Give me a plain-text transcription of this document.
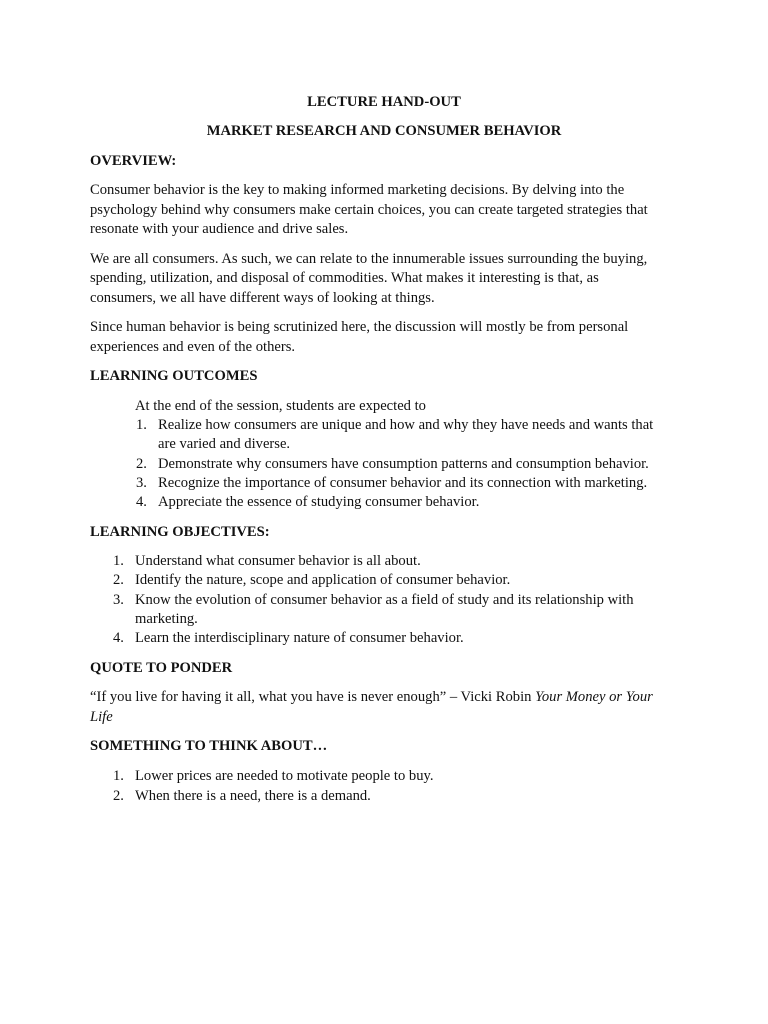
LECTURE HAND-OUT

MARKET RESEARCH AND CONSUMER BEHAVIOR

OVERVIEW:

Consumer behavior is the key to making informed marketing decisions. By delving into the

psychology behind why consumers make certain choices, you can create targeted strategies that

resonate with your audience and drive sales.

We are all consumers. As such, we can relate to the innumerable issues surrounding the buying,

spending, utilization, and disposal of commodities. What makes it interesting is that, as

consumers, we all have different ways of looking at things.

Since human behavior is being scrutinized here, the discussion will mostly be from personal

experiences and even of the others.

LEARNING OUTCOMES

At the end of the session, students are expected to

1. Realize how consumers are unique and how and why they have needs and wants that

are varied and diverse.

2. Demonstrate why consumers have consumption patterns and consumption behavior.

3. Recognize the importance of consumer behavior and its connection with marketing.

4. Appreciate the essence of studying consumer behavior.

LEARNING OBJECTIVES:

1. Understand what consumer behavior is all about.

2. Identify the nature, scope and application of consumer behavior.

3. Know the evolution of consumer behavior as a field of study and its relationship with

marketing.

4. Learn the interdisciplinary nature of consumer behavior.

QUOTE TO PONDER

“If you live for having it all, what you have is never enough” – Vicki Robin Your Money or Your

Life

SOMETHING TO THINK ABOUT…

1. Lower prices are needed to motivate people to buy.

2. When there is a need, there is a demand.
